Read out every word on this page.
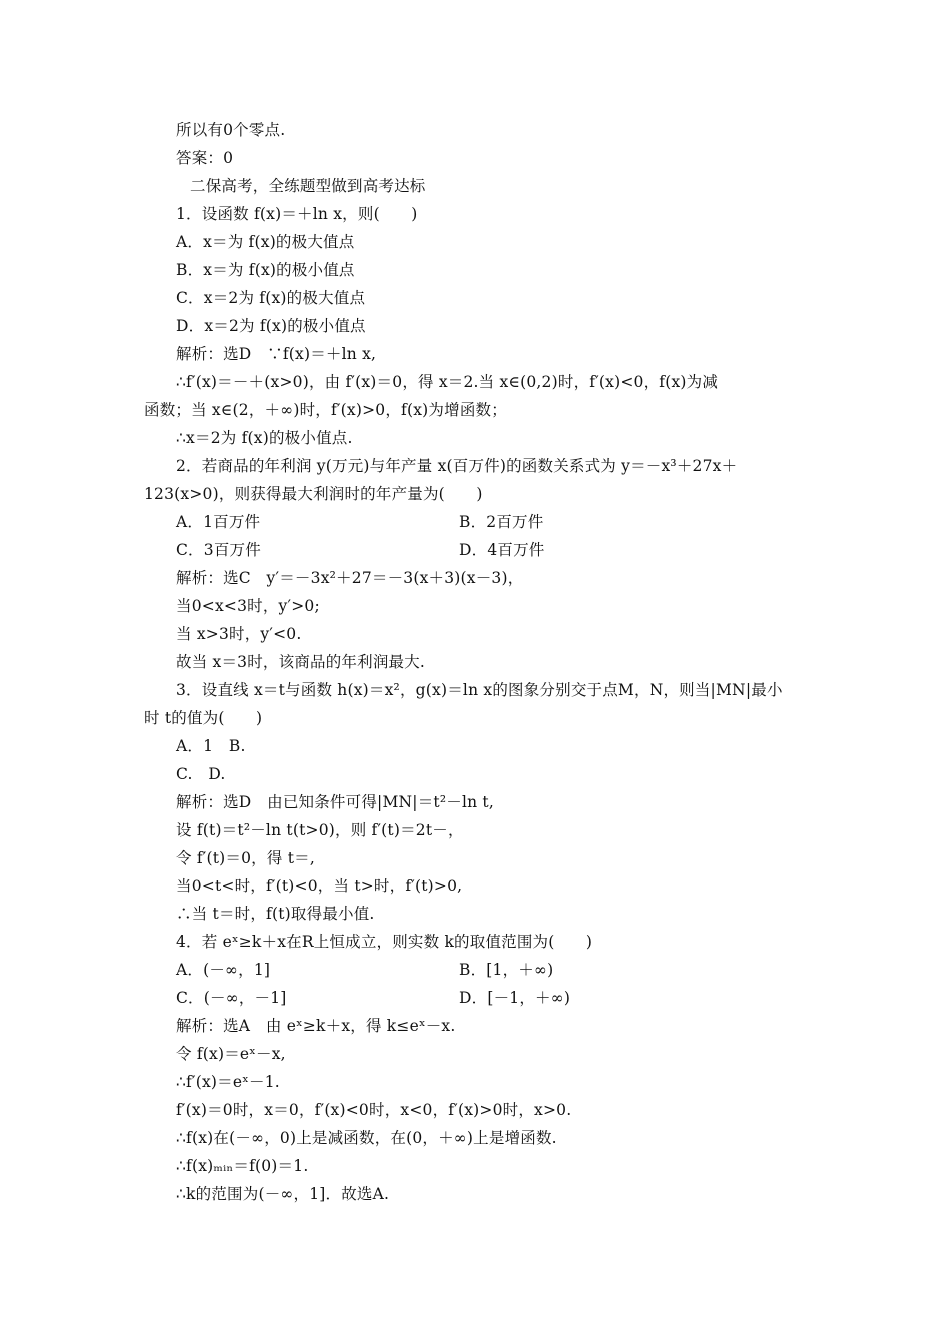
所以有0个零点.
答案：0
二保高考，全练题型做到高考达标
1．设函数 f(x)＝＋ln x，则(　　)
A．x＝为 f(x)的极大值点
B．x＝为 f(x)的极小值点
C．x＝2为 f(x)的极大值点
D．x＝2为 f(x)的极小值点
解析：选D　∵f(x)＝＋ln x,
∴f′(x)＝－＋(x>0)，由 f′(x)＝0，得 x＝2.当 x∈(0,2)时，f′(x)<0，f(x)为减
函数；当 x∈(2，＋∞)时，f′(x)>0，f(x)为增函数；
∴x＝2为 f(x)的极小值点.
2．若商品的年利润 y(万元)与年产量 x(百万件)的函数关系式为 y＝－x³＋27x＋
123(x>0)，则获得最大利润时的年产量为(　　)
A．1百万件	B．2百万件
C．3百万件	D．4百万件
解析：选C　y′＝－3x²＋27＝－3(x＋3)(x－3)，
当0<x<3时，y′>0;
当 x>3时，y′<0.
故当 x＝3时，该商品的年利润最大.
3．设直线 x＝t与函数 h(x)＝x²，g(x)＝ln x的图象分别交于点M，N，则当|MN|最小
时 t的值为(　　)
A．1　B.
C.　D.
解析：选D　由已知条件可得|MN|＝t²－ln t,
设 f(t)＝t²－ln t(t>0)，则 f′(t)＝2t－，
令 f′(t)＝0，得 t＝,
当0<t<时，f′(t)<0，当 t>时，f′(t)>0,
∴当 t＝时，f(t)取得最小值.
4．若 eˣ≥k＋x在R上恒成立，则实数 k的取值范围为(　　)
A．(－∞，1]	B．[1，＋∞)
C．(－∞，－1]	D．[－1，＋∞)
解析：选A　由 eˣ≥k＋x，得 k≤eˣ－x.
令 f(x)＝eˣ－x,
∴f′(x)＝eˣ－1.
f′(x)＝0时，x＝0，f′(x)<0时，x<0，f′(x)>0时，x>0.
∴f(x)在(－∞，0)上是减函数，在(0，＋∞)上是增函数.
∴f(x)ₘᵢₙ＝f(0)＝1.
∴k的范围为(－∞，1]．故选A.
